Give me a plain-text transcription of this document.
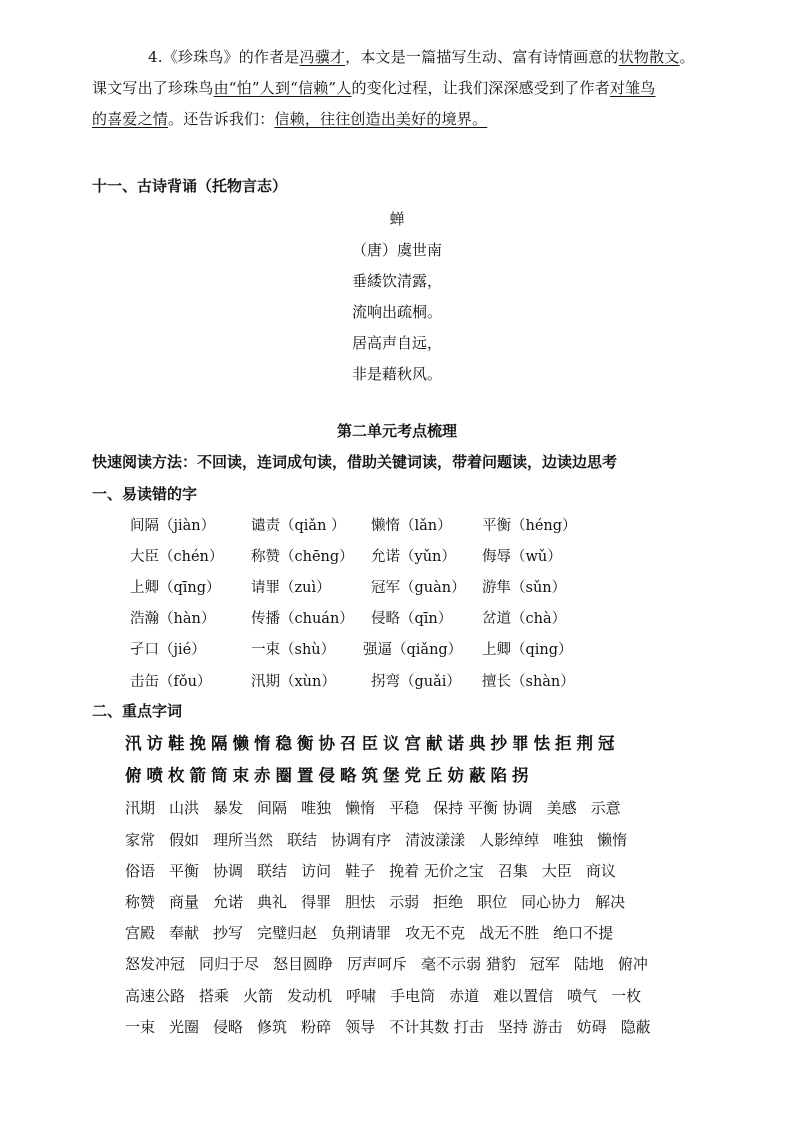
4.《珍珠鸟》的作者是冯骥才，本文是一篇描写生动、富有诗情画意的状物散文。
课文写出了珍珠鸟由“怕”人到“信赖”人的变化过程，让我们深深感受到了作者对雏鸟
的喜爱之情。还告诉我们：信赖，往往创造出美好的境界。
十一、古诗背诵（托物言志）
蝉
（唐）虞世南
垂緌饮清露，
流响出疏桐。
居高声自远，
非是藉秋风。
第二单元考点梳理
快速阅读方法：不回读，连词成句读，借助关键词读，带着问题读，边读边思考
一、易读错的字
间隔（jiàn） 谴责（qiǎn ） 懒惰（lǎn） 平衡（héng）
大臣（chén） 称赞（chēng） 允诺（yǔn） 侮辱（wǔ）
上卿（qīng） 请罪（zuì）	冠军（guàn） 游隼（sǔn）
浩瀚（hàn） 传播（chuán） 侵略（qīn） 岔道（chà）
孑口（jié）	一束（shù） 强逼（qiǎng） 上卿（qing）
击缶（fǒu）	汛期（xùn） 拐弯（guǎi） 擅长（shàn）
二、重点字词
汛访鞋挽隔懒惰稳衡协召臣议宫献诺典抄罪怯拒荆冠
俯喷枚箭筒束赤圈置侵略筑堡党丘妨蔽陷拐
汛期 山洪 暴发 间隔 唯独 懒惰 平稳 保持 平衡 协调 美感 示意
家常 假如 理所当然 联结 协调有序 清波漾漾 人影绰绰 唯独 懒惰
俗语 平衡 协调 联结 访问 鞋子 挽着 无价之宝 召集 大臣 商议
称赞 商量 允诺 典礼 得罪 胆怯 示弱 拒绝 职位 同心协力 解决
宫殿 奉献 抄写 完璧归赵 负荆请罪 攻无不克 战无不胜 绝口不提
怒发冲冠 同归于尽 怒目圆睁 厉声呵斥 毫不示弱 猎豹 冠军 陆地 俯冲
高速公路 搭乘 火箭 发动机 呼啸 手电筒 赤道 难以置信 喷气 一枚
一束 光圈 侵略 修筑 粉碎 领导 不计其数 打击 坚持 游击 妨碍 隐蔽
